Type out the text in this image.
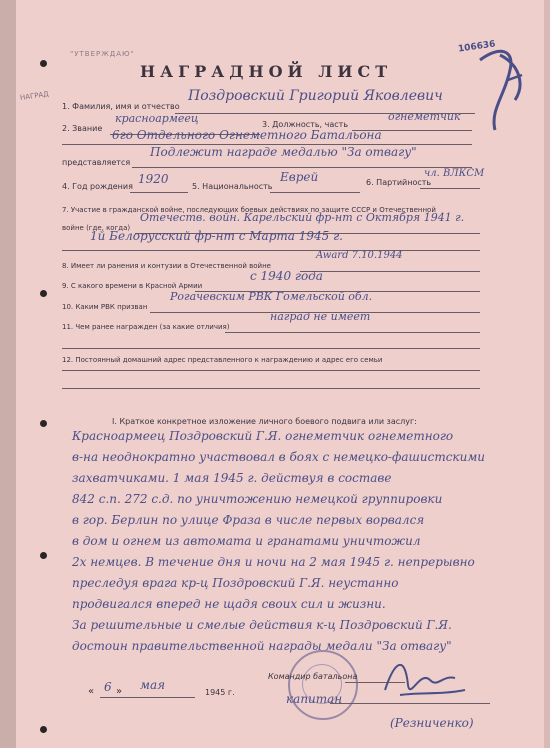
"УТВЕРЖДАЮ"
НАГРАД
НАГРАДНОЙ ЛИСТ
106636
1. Фамилия, имя и отчество
Поздровский Григорий Яковлевич
2. Звание
красноармеец	3. Должность, часть
огнеметчик
6го Отдельного Огнеметного Батальона
представляется
Подлежит награде медалью "За отвагу"
4. Год рождения
1920
5. Национальность
Еврей	6. Партийность
чл. ВЛКСМ
7. Участие в гражданской войне, последующих боевых действиях по защите СССР и Отечественной
войне (где, когда)
Отечеств. войн. Карельский фр-нт с Октября 1941 г.
1й Белорусский фр-нт с Марта 1945 г.
8. Имеет ли ранения и контузии в Отечественной войне
Award 7.10.1944
9. С какого времени в Красной Армии
с 1940 года
10. Каким РВК призван
Рогачевским РВК Гомельской обл.
11. Чем ранее награжден (за какие отличия)
наград не имеет
12. Постоянный домашний адрес представленного к награждению и адрес его семьи
I. Краткое конкретное изложение личного боевого подвига или заслуг:
Красноармеец Поздровский Г.Я. огнеметчик огнеметного
в-на неоднократно участвовал в боях с немецко-фашистскими
захватчиками. 1 мая 1945 г. действуя в составе
842 с.п. 272 с.д. по уничтожению немецкой группировки
в гор. Берлин по улице Фраза в числе первых ворвался
в дом и огнем из автомата и гранатами уничтожил
2х немцев. В течение дня и ночи на 2 мая 1945 г. непрерывно
преследуя врага кр-ц Поздровский Г.Я. неустанно
продвигался вперед не щадя своих сил и жизни.
За решительные и смелые действия к-ц Поздровский Г.Я.
достоин правительственной награды медали "За отвагу"
Командир батальона
« 6 » мая
1945 г.	капитан
(Резниченко)
